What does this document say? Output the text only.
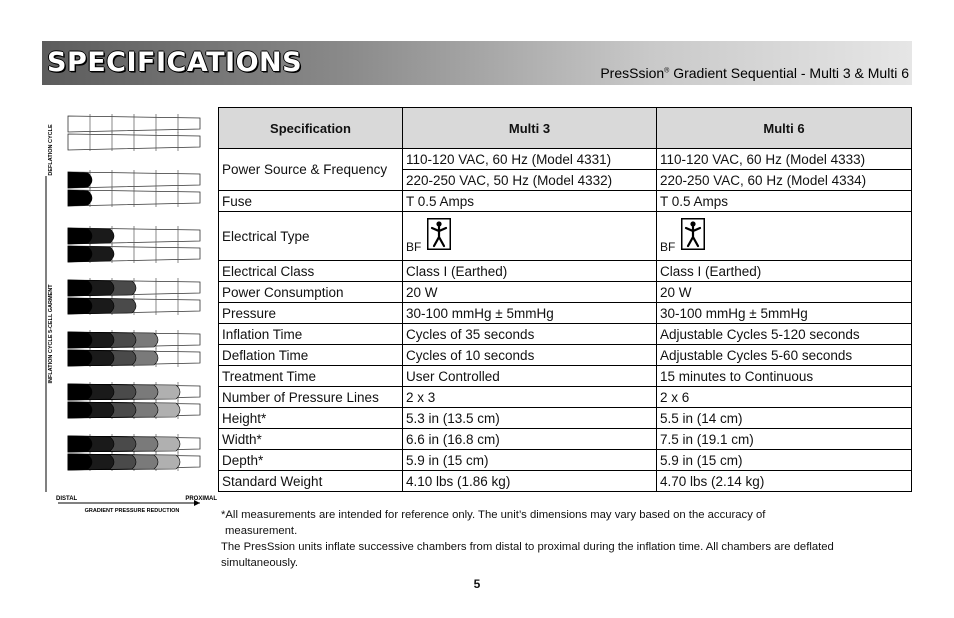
SPECIFICATIONS	PresSsion® Gradient Sequential - Multi 3 & Multi 6
DEFLATION CYCLE
INFLATION CYCLE 5-CELL GARMENT
DISTAL	PROXIMAL
GRADIENT PRESSURE REDUCTION
Specification	Multi 3	Multi 6
Power Source & Frequency	110-120 VAC, 60 Hz (Model 4331)	110-120 VAC, 60 Hz (Model 4333)
	220-250 VAC, 50 Hz (Model 4332)	220-250 VAC, 60 Hz (Model 4334)
Fuse	T 0.5 Amps	T 0.5 Amps
Electrical Type	BF	BF

Electrical Class	Class I (Earthed)	Class I (Earthed)
Power Consumption	20 W	20 W
Pressure	30-100 mmHg ± 5mmHg	30-100 mmHg ± 5mmHg
Inflation Time	Cycles of 35 seconds	Adjustable Cycles 5-120 seconds
Deflation Time	Cycles of 10 seconds	Adjustable Cycles 5-60 seconds
Treatment Time	User Controlled	15 minutes to Continuous
Number of Pressure Lines	2 x 3	2 x 6
Height*	5.3 in (13.5 cm)	5.5 in (14 cm)
Width*	6.6 in (16.8 cm)	7.5 in (19.1 cm)
Depth*	5.9 in (15 cm)	5.9 in (15 cm)
Standard Weight	4.10 lbs (1.86 kg)	4.70 lbs (2.14 kg)

*All measurements are intended for reference only. The unit’s dimensions may vary based on the accuracy of
measurement.

The PresSsion units inflate successive chambers from distal to proximal during the inflation time. All chambers are deflated simultaneously.

5
